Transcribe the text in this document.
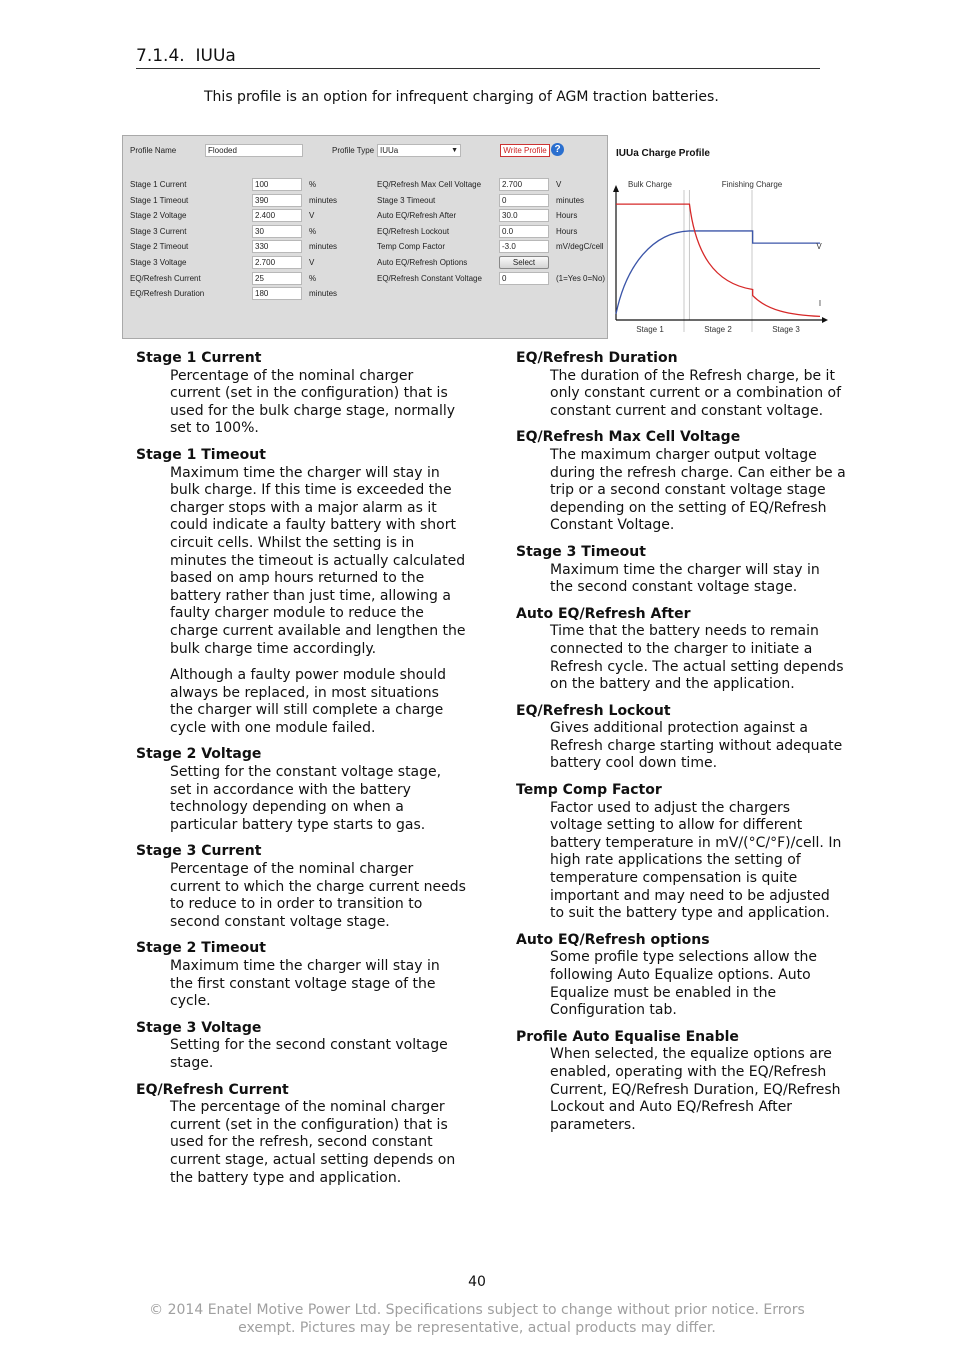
7.1.4. IUUa
This profile is an option for infrequent charging of AGM traction batteries.
Profile Name	Flooded	Profile Type IUUa	▼	Write Profile ?
Stage 1 Current	100	%
Stage 1 Timeout	390	minutes
Stage 2 Voltage	2.400	V
Stage 3 Current	30	%
Stage 2 Timeout	330	minutes
Stage 3 Voltage	2.700	V
EQ/Refresh Current	25	%
EQ/Refresh Duration	180	minutes
EQ/Refresh Max Cell Voltage	2.700	V
Stage 3 Timeout	0	minutes
Auto EQ/Refresh After	30.0	Hours
EQ/Refresh Lockout	0.0	Hours
Temp Comp Factor	-3.0	mV/degC/cell
Auto EQ/Refresh Options	Select
EQ/Refresh Constant Voltage	0	(1=Yes 0=No)
IUUa Charge Profile
Bulk Charge	Finishing Charge
Stage 1	Stage 2	Stage 3
V
I
Stage 1 Current

Percentage of the nominal charger current (set in the configuration) that is used for the bulk charge stage, normally set to 100%.

Stage 1 Timeout

Maximum time the charger will stay in bulk charge. If this time is exceeded the charger stops with a major alarm as it could indicate a faulty battery with short circuit cells. Whilst the setting is in minutes the timeout is actually calculated based on amp hours returned to the battery rather than just time, allowing a faulty charger module to reduce the charge current available and lengthen the bulk charge time accordingly.

Although a faulty power module should always be replaced, in most situations the charger will still complete a charge cycle with one module failed.

Stage 2 Voltage

Setting for the constant voltage stage, set in accordance with the battery technology depending on when a particular battery type starts to gas.

Stage 3 Current

Percentage of the nominal charger current to which the charge current needs to reduce to in order to transition to second constant voltage stage.

Stage 2 Timeout

Maximum time the charger will stay in the first constant voltage stage of the cycle.

Stage 3 Voltage

Setting for the second constant voltage stage.

EQ/Refresh Current

The percentage of the nominal charger current (set in the configuration) that is used for the refresh, second constant current stage, actual setting depends on the battery type and application.

EQ/Refresh Duration

The duration of the Refresh charge, be it only constant current or a combination of constant current and constant voltage.

EQ/Refresh Max Cell Voltage

The maximum charger output voltage during the refresh charge. Can either be a trip or a second constant voltage stage depending on the setting of EQ/Refresh Constant Voltage.

Stage 3 Timeout

Maximum time the charger will stay in the second constant voltage stage.

Auto EQ/Refresh After

Time that the battery needs to remain connected to the charger to initiate a Refresh cycle. The actual setting depends on the battery and the application.

EQ/Refresh Lockout

Gives additional protection against a Refresh charge starting without adequate battery cool down time.

Temp Comp Factor

Factor used to adjust the chargers voltage setting to allow for different battery temperature in mV/(°C/°F)/cell. In high rate applications the setting of temperature compensation is quite important and may need to be adjusted to suit the battery type and application.

Auto EQ/Refresh options

Some profile type selections allow the following Auto Equalize options. Auto Equalize must be enabled in the Configuration tab.

Profile Auto Equalise Enable

When selected, the equalize options are enabled, operating with the EQ/Refresh Current, EQ/Refresh Duration, EQ/Refresh Lockout and Auto EQ/Refresh After parameters.

40
© 2014 Enatel Motive Power Ltd. Specifications subject to change without prior notice. Errors
exempt. Pictures may be representative, actual products may differ.
